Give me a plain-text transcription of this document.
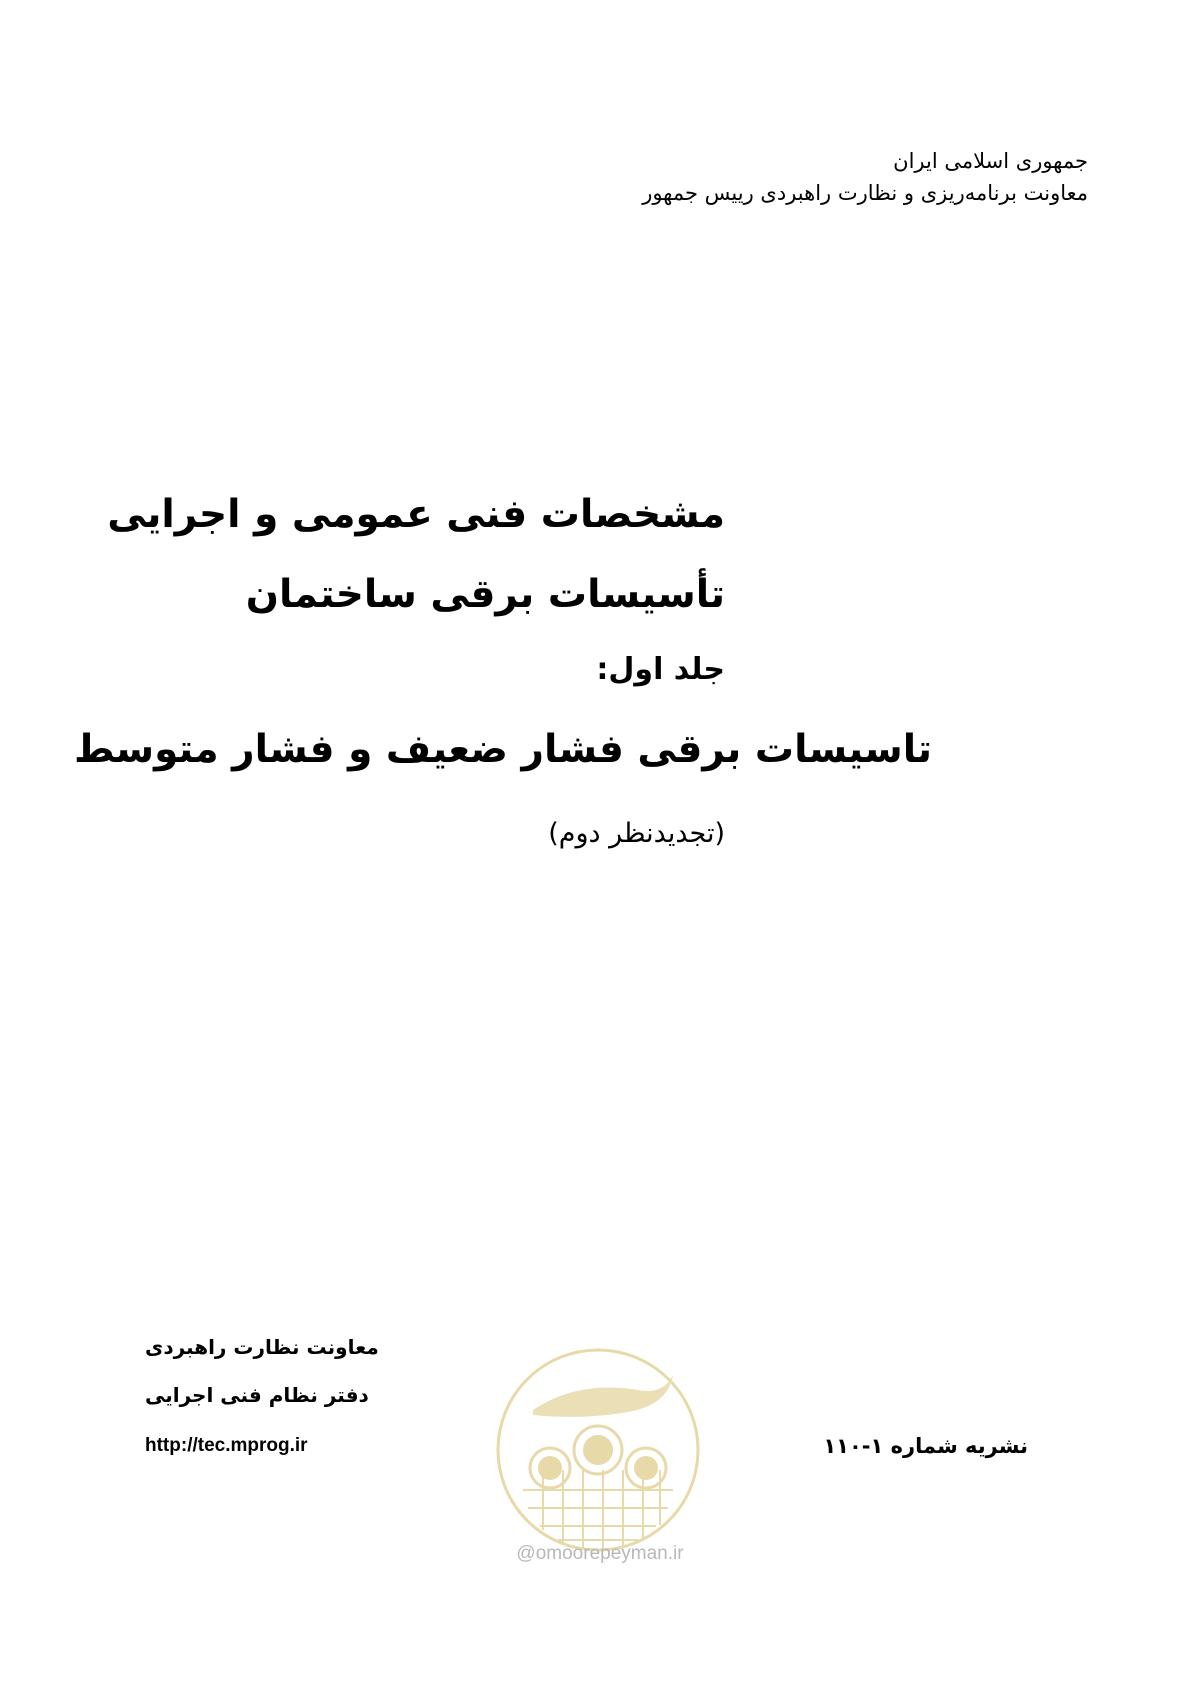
جمهوری اسلامی ایران
معاونت برنامه‌ریزی و نظارت راهبردی رییس جمهور
مشخصات فنی عمومی و اجرایی
تأسیسات برقی ساختمان
جلد اول:
تاسیسات برقی فشار ضعیف و فشار متوسط
(تجدیدنظر دوم)
معاونت نظارت راهبردی
دفتر نظام فنی اجرایی
http://tec.mprog.ir
@omoorepeyman.ir
نشریه شماره ۱-۱۱۰
